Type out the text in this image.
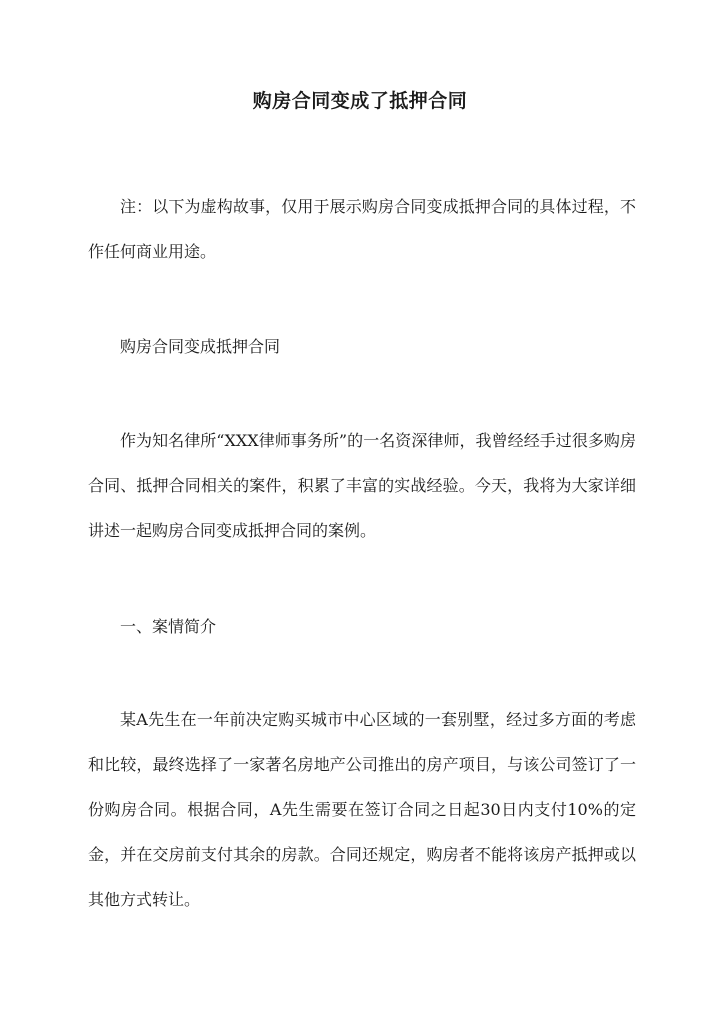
购房合同变成了抵押合同

注：以下为虚构故事，仅用于展示购房合同变成抵押合同的具体过程，不作任何商业用途。

购房合同变成抵押合同

作为知名律所“XXX律师事务所”的一名资深律师，我曾经经手过很多购房合同、抵押合同相关的案件，积累了丰富的实战经验。今天，我将为大家详细讲述一起购房合同变成抵押合同的案例。

一、案情简介

某A先生在一年前决定购买城市中心区域的一套别墅，经过多方面的考虑和比较，最终选择了一家著名房地产公司推出的房产项目，与该公司签订了一份购房合同。根据合同，A先生需要在签订合同之日起30日内支付10%的定金，并在交房前支付其余的房款。合同还规定，购房者不能将该房产抵押或以其他方式转让。
